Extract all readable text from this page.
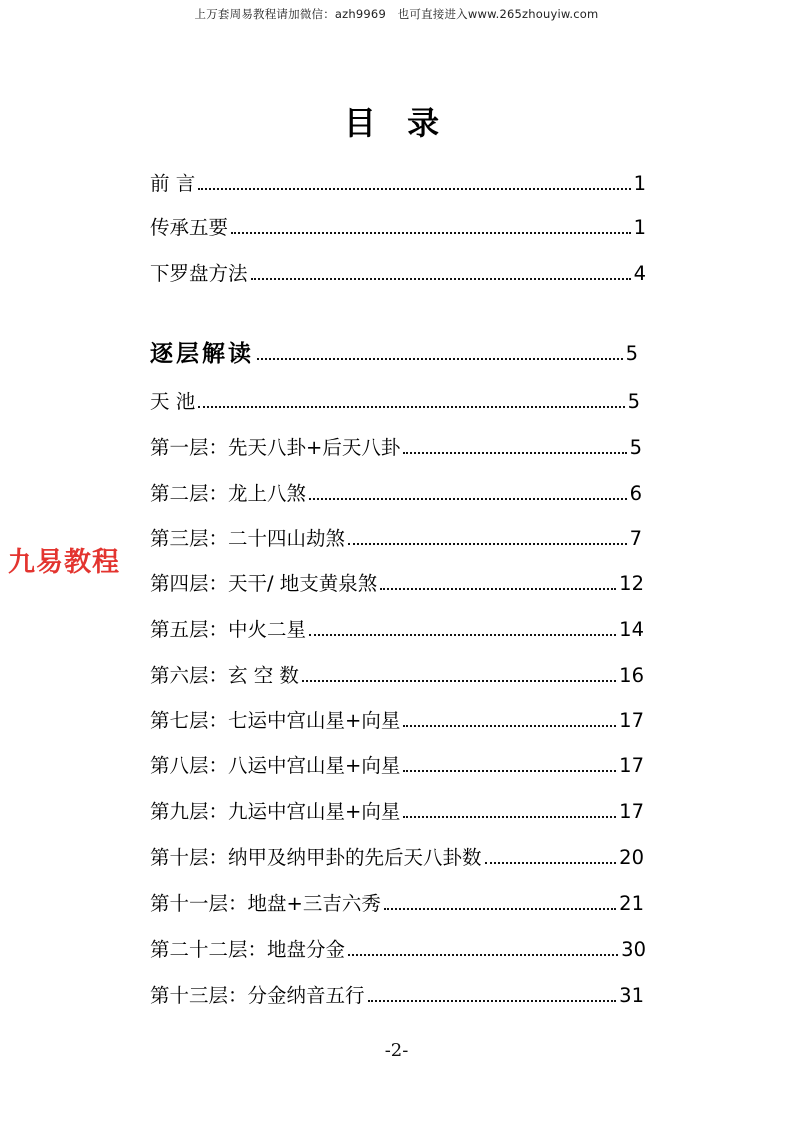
上万套周易教程请加微信：azh9969　也可直接进入www.265zhouyiw.com
目 录
前 言	1
传承五要	1
下罗盘方法	4
逐层解读	5
天 池	5
第一层：先天八卦+后天八卦	5
第二层：龙上八煞	6
第三层：二十四山劫煞	7
第四层：天干/ 地支黄泉煞	12
第五层：中火二星	14
第六层：玄 空 数	16
第七层：七运中宫山星+向星	17
第八层：八运中宫山星+向星	17
第九层：九运中宫山星+向星	17
第十层：纳甲及纳甲卦的先后天八卦数	20
第十一层：地盘+三吉六秀	21
第二十二层：地盘分金	30
第十三层：分金纳音五行	31
九易教程
-2-
